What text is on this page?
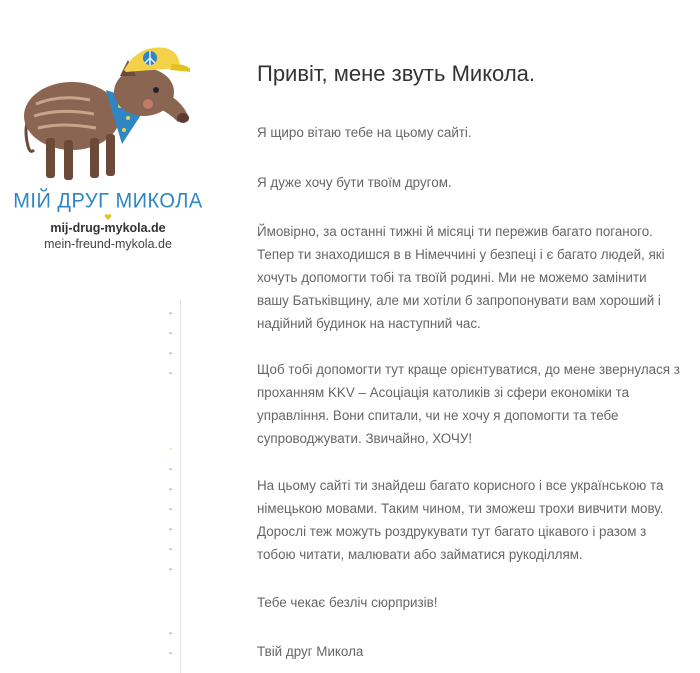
МІЙ ДРУГ МИКОЛА
mij-drug-mykola.de
mein-freund-mykola.de
-
-
-
-
-
-
-
-
-
-
-
-
-
Привіт, мене звуть Микола.
Я щиро вітаю тебе на цьому сайті.
Я дуже хочу бути твоїм другом.
Ймовірно, за останні тижні й місяці ти пережив багато поганого.
Тепер ти знаходишся в в Німеччині у безпеці і є багато людей, які
хочуть допомогти тобі та твоїй родині. Ми не можемо замінити
вашу Батьківщину, але ми хотіли б запропонувати вам хороший і
надійний будинок на наступний час.
Щоб тобі допомогти тут краще орієнтуватися, до мене звернулася з
проханням KKV – Асоціація католиків зі сфери економіки та
управління. Вони спитали, чи не хочу я допомогти та тебе
супроводжувати. Звичайно, ХОЧУ!
На цьому сайті ти знайдеш багато корисного і все українською та
німецькою мовами. Таким чином, ти зможеш трохи вивчити мову.
Дорослі теж можуть роздрукувати тут багато цікавого і разом з
тобою читати, малювати або займатися рукоділлям.
Тебе чекає безліч сюрпризів!
Твій друг Микола
